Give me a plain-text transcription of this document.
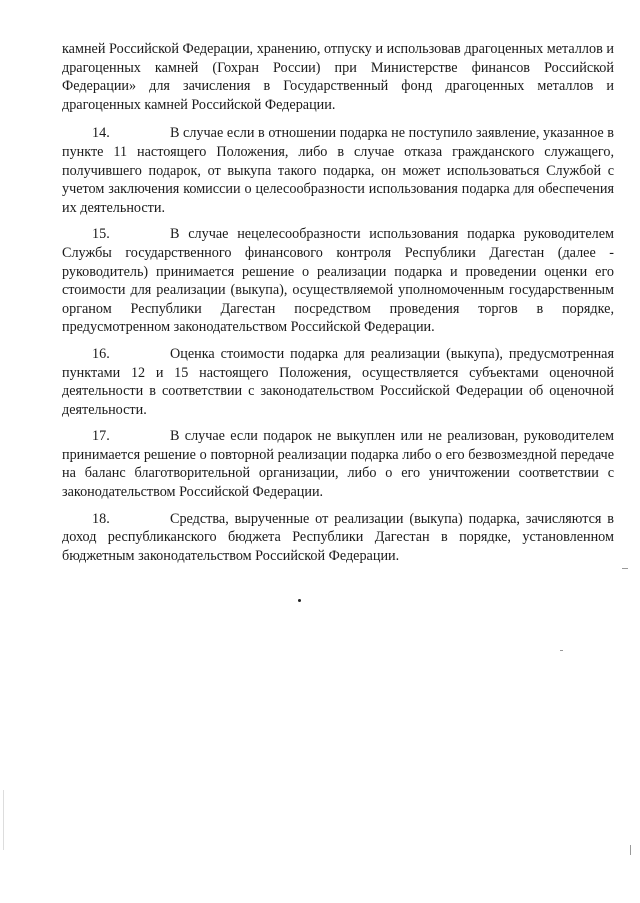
камней Российской Федерации, хранению, отпуску и использовав драгоценных металлов и драгоценных камней (Гохран России) при Министерстве финансов Российской Федерации» для зачисления в Государственный фонд драгоценных металлов и драгоценных камней Российской Федерации.

14.	В случае если в отношении подарка не поступило заявление, указанное в пункте 11 настоящего Положения, либо в случае отказа гражданского служащего, получившего подарок, от выкупа такого подарка, он может использоваться Службой с учетом заключения комиссии о целесообразности использования подарка для обеспечения их деятельности.

15.	В случае нецелесообразности использования подарка руководителем Службы государственного финансового контроля Республики Дагестан (далее - руководитель) принимается решение о реализации подарка и проведении оценки его стоимости для реализации (выкупа), осуществляемой уполномоченным государственным органом Республики Дагестан посредством проведения торгов в порядке, предусмотренном законодательством Российской Федерации.

16.	Оценка стоимости подарка для реализации (выкупа), предусмотренная пунктами 12 и 15 настоящего Положения, осуществляется субъектами оценочной деятельности в соответствии с законодательством Российской Федерации об оценочной деятельности.

17.	В случае если подарок не выкуплен или не реализован, руководителем принимается решение о повторной реализации подарка либо о его безвозмездной передаче на баланс благотворительной организации, либо о его уничтожении соответствии с законодательством Российской Федерации.

18.	Средства, вырученные от реализации (выкупа) подарка, зачисляются в доход республиканского бюджета Республики Дагестан в порядке, установленном бюджетным законодательством Российской Федерации.
